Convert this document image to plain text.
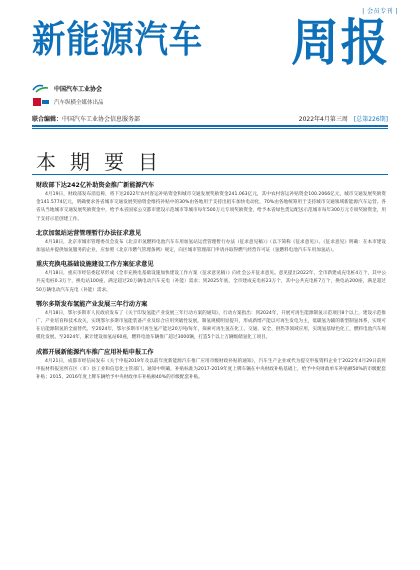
| 会员专刊 |
新能源汽车 周报
中国汽车工业协会
汽车纵横全媒体出品
联合编辑：中国汽车工业协会信息服务部	2022年4月第三周 [总第226期]
本期要目

财政部下达242亿补助资金推广新能源汽车

4月19日，财政部发布消息称，将下达2022年农村客运补贴资金和城市交通发展奖励资金241.063亿元，其中农村客运补贴资金100.2066亿元，城市交通发展奖励资金141.5774亿元，明确要求各省城市交通发展奖励资金维持补贴中的30%由各地用于支持出租车加快电动化，70%由各地统筹用于支持城市交通领域新能源汽车运营。各省从当地城市交通发展奖励资金中，给予本省国家公交都市建设示范城市等城市每年500万元专项奖励资金，给予本省绿色货运配送示范城市每年300万元专项奖励资金，用于支持示范创建工作。

北京加氢站运营管理暂行办法征求意见

4月18日，北京市城市管理委员会发布《北京市氢燃料电池汽车车用加氢站运营管理暂行办法（征求意见稿）》（以下简称《征求意见》）。《征求意见》明确：在本市建设加氢站并提供加氢服务的企业，应参照《北京市燃气管理条例》规定，向区城市管理部门申请并取得燃气经营许可证（氢燃料电池汽车车用加氢站）。

重庆充换电基础设施建设工作方案征求意见

4月18日，重庆市经信委起草形成《全市充换电基础设施加快建设工作方案（征求意见稿）》向社会公开征求意见。意见提出2022年，全市新建成充电桩4万个，其中公共充电桩0.3万个，换电站100座，满足超过20万辆电动汽车充电（补能）需求；到2025年底，全市建成充电桩23万个，其中公共充电桩7万个，换电站200座，满足超过50万辆电动汽车充电（补能）需求。

鄂尔多斯发布氢能产业发展三年行动方案

4月18日，鄂尔多斯市人民政府发布了《关于印发氢能产业发展三年行动方案的通知》，行动方案指出：到2024年，开展可再生能源制氢示范项目8个以上，建设示范推广、产业培育和技术攻关，实现鄂尔多斯市氢能装备产业及综合应用突破性发展。制氢规模明显提升，形成新增产能以可再生发电为主，低碳氢为辅的新型制氢体系，实现可在后能源制氢的全面替代。至2024年，鄂尔多斯市可再生氢产能达20万吨/每年，探索可再生氢在化工、交通、安全、供热等领域应用，实现氢基绿色化工，燃料电池汽车规模化发展。至2024年，累计建设加氢站60座，燃料电池车辆推广超过3000辆，打造5个以上万辆级储氢化工项目。

成都开展新能源汽车推广应用补贴申报工作

4月21日，成都市经信局发布《关于申报2019年及以前年度新能源汽车推广应用市级财政补贴的通知》，汽车生产企业或代为提交申报资料企业于2022年4月29日前将申报材料报送所在区（市）县工业和信息化主管部门。通知中明确，补贴标准为2017-2019年度上牌车辆在中央财政补贴基础上，给予中央财政单车补贴额50%的市级配套补贴；2015、2016年度上牌车辆给予中央财政单车补贴额40%的市级配套补贴。
